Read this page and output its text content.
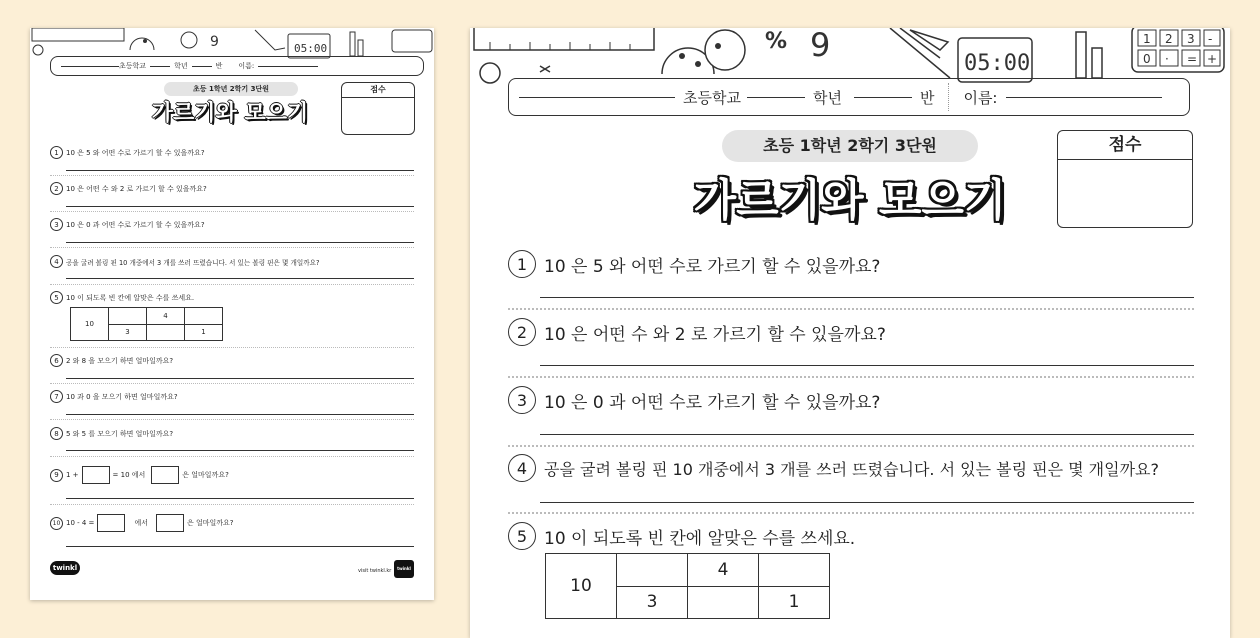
9	05:00
초등학교	학년	반 이름:
초등 1학년 2학기 3단원
가르기와 모으기
점수
1	10 은 5 와 어떤 수로 가르기 할 수 있을까요?
2	10 은 어떤 수 와 2 로 가르기 할 수 있을까요?
3	10 은 0 과 어떤 수로 가르기 할 수 있을까요?
4	공을 굴려 볼링 핀 10 개중에서 3 개를 쓰러 뜨렸습니다. 서 있는 볼링 핀은 몇 개일까요?
5	10 이 되도록 빈 칸에 알맞은 수를 쓰세요.
10		4	
	3		1
6	2 와 8 을 모으기 하면 얼마일까요?
7	10 과 0 을 모으기 하면 얼마일까요?
8	5 와 5 를 모으기 하면 얼마일까요?
9	1 +	= 10 에서	은 얼마일까요?
10 10 - 4 =	에서	은 얼마일까요?
twinkl	visit twinkl.kr	twinkl
% 9	05:00
1 2 3 -
0 · = +
초등학교	학년	반 이름:
초등 1학년 2학기 3단원
가르기와 모으기
점수
1 10 은 5 와 어떤 수로 가르기 할 수 있을까요?
2 10 은 어떤 수 와 2 로 가르기 할 수 있을까요?
3 10 은 0 과 어떤 수로 가르기 할 수 있을까요?
4	공을 굴려 볼링 핀 10 개중에서 3 개를 쓰러 뜨렸습니다. 서 있는 볼링 핀은 몇 개일까요?
5 10 이 되도록 빈 칸에 알맞은 수를 쓰세요.
10		4	
	3		1
